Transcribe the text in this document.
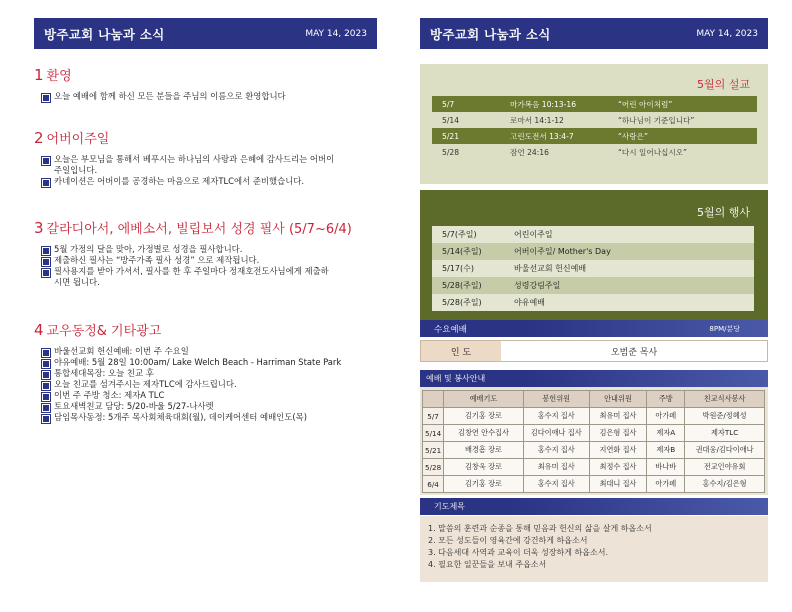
방주교회 나눔과 소식	MAY 14, 2023
1 환영
오늘 예배에 함께 하신 모든 분들을 주님의 이름으로 환영합니다
2 어버이주일
오늘은 부모님을 통해서 베푸시는 하나님의 사랑과 은혜에 감사드리는 어버이 주일입니다.
카네이션은 어버이를 공경하는 마음으로 제자TLC에서 준비했습니다.
3 갈라디아서, 에베소서, 빌립보서 성경 필사 (5/7~6/4)
5월 가정의 달을 맞아, 가정별로 성경을 필사합니다.
제출하신 필사는 “방주가족 필사 성경” 으로 제작됩니다.
필사용지를 받아 가셔서, 필사를 한 후 주일마다 정재호전도사님에게 제출하시면 됩니다.
4 교우동정& 기타광고
바울선교회 헌신예배: 이번 주 수요일
야유예배: 5월 28일 10:00am/ Lake Welch Beach - Harriman State Park
통합세대목장: 오늘 친교 후
오늘 친교를 섬겨주시는 제자TLC에 감사드립니다.
이번 주 주방 청소: 제자A TLC
토요새벽친교 담당: 5/20-바울 5/27-나사렛
담임목사동정: 5개주 목사회체육대회(월), 데이케어센터 예배인도(목)
방주교회 나눔과 소식	MAY 14, 2023
5월의 설교
5/7	마가복음 10:13-16	“어린 아이처럼”
5/14	로마서 14:1-12	“하나님이 기준입니다”
5/21	고린도전서 13:4-7	“사랑은”
5/28	잠언 24:16	“다시 일어나십시오”
5월의 행사
5/7(주일)	어린이주일
5/14(주일)	어버이주일/ Mother's Day
5/17(수)	바울선교회 헌신예배
5/28(주일)	성령강림주일
5/28(주일)	야유예배
수요예배	8PM/분당
인 도	오범준 목사
예배 및 봉사안내
	예배기도	봉헌위원	안내위원	주방	친교식사봉사
5/7	김기홍 장로	홍수지 집사	최유미 집사	아가페	박원준/정혜성
5/14	김창연 안수집사	김다이애나 집사	김은형 집사	제자A	제자TLC
5/21	배경흠 장로	홍수지 집사	지연화 집사	제자B	권대웅/김다이애나
5/28	김창욱 장로	최유미 집사	최정수 집사	바나바	전교인야유회
6/4	김기홍 장로	홍수지 집사	최대니 집사	아가페	홍수지/김은형
기도제목
1. 말씀의 훈련과 순종을 통해 믿음과 헌신의 삶을 살게 하옵소서
2. 모든 성도들이 영육간에 강건하게 하옵소서
3. 다음세대 사역과 교육이 더욱 성장하게 하옵소서.
4. 필요한 일꾼들을 보내 주옵소서
